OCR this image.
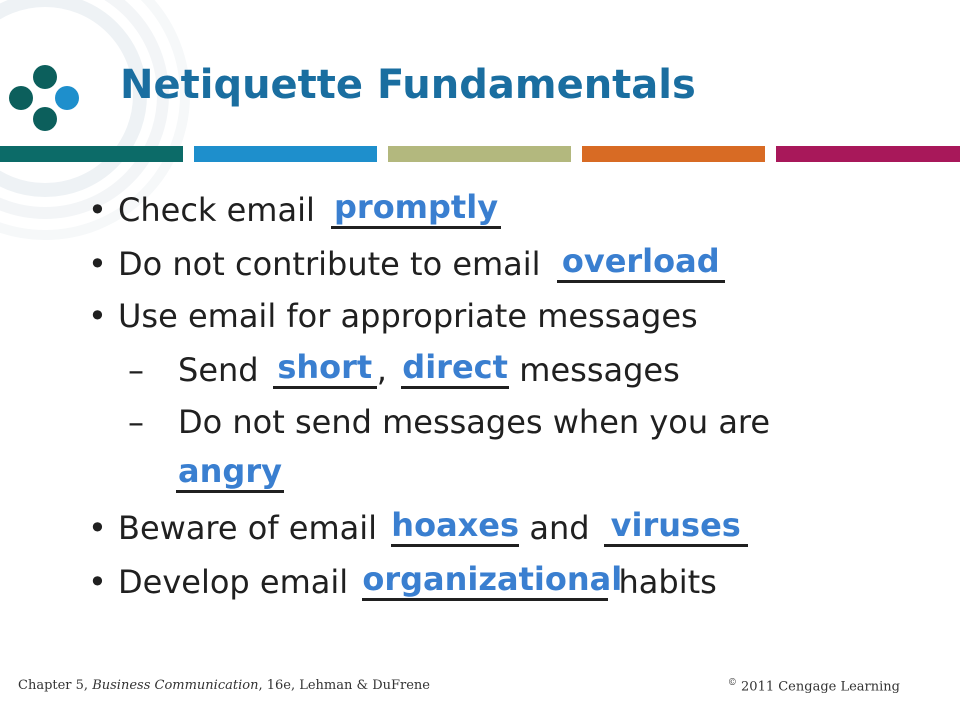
Netiquette Fundamentals
• Check email promptly
• Do not contribute to email overload
• Use email for appropriate messages
– Send short , direct messages
– Do not send messages when you are
angry
• Beware of email hoaxes and viruses
• Develop email organizational
habits
Chapter 5, Business Communication, 16e, Lehman & DuFrene	© 2011 Cengage Learning
